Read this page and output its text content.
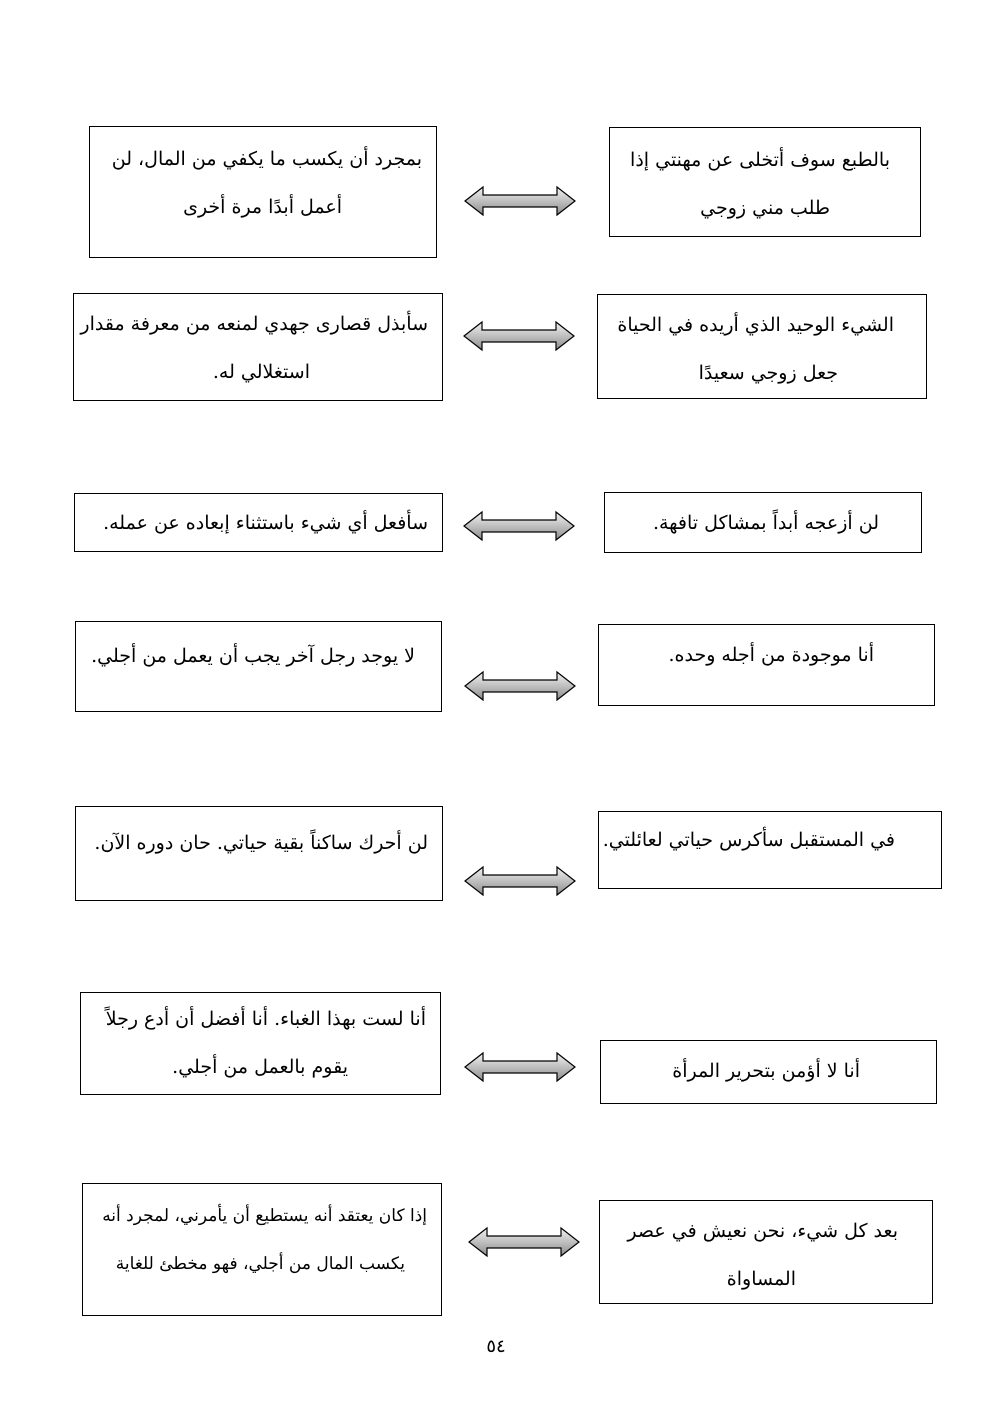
بمجرد أن يكسب ما يكفي من المال، لن
أعمل أبدًا مرة أخرى
بالطبع سوف أتخلى عن مهنتي إذا
طلب مني زوجي
سأبذل قصارى جهدي لمنعه من معرفة مقدار
استغلالي له.
الشيء الوحيد الذي أريده في الحياة
جعل زوجي سعيدًا
سأفعل أي شيء باستثناء إبعاده عن عمله.	لن أزعجه أبداً بمشاكل تافهة.
لا يوجد رجل آخر يجب أن يعمل من أجلي.	أنا موجودة من أجله وحده.
لن أحرك ساكناً بقية حياتي. حان دوره الآن.	في المستقبل سأكرس حياتي لعائلتي.
أنا لست بهذا الغباء. أنا أفضل أن أدع رجلاً
يقوم بالعمل من أجلي.	أنا لا أؤمن بتحرير المرأة
إذا كان يعتقد أنه يستطيع أن يأمرني، لمجرد أنه
يكسب المال من أجلي، فهو مخطئ للغاية
بعد كل شيء، نحن نعيش في عصر
المساواة
٥٤
